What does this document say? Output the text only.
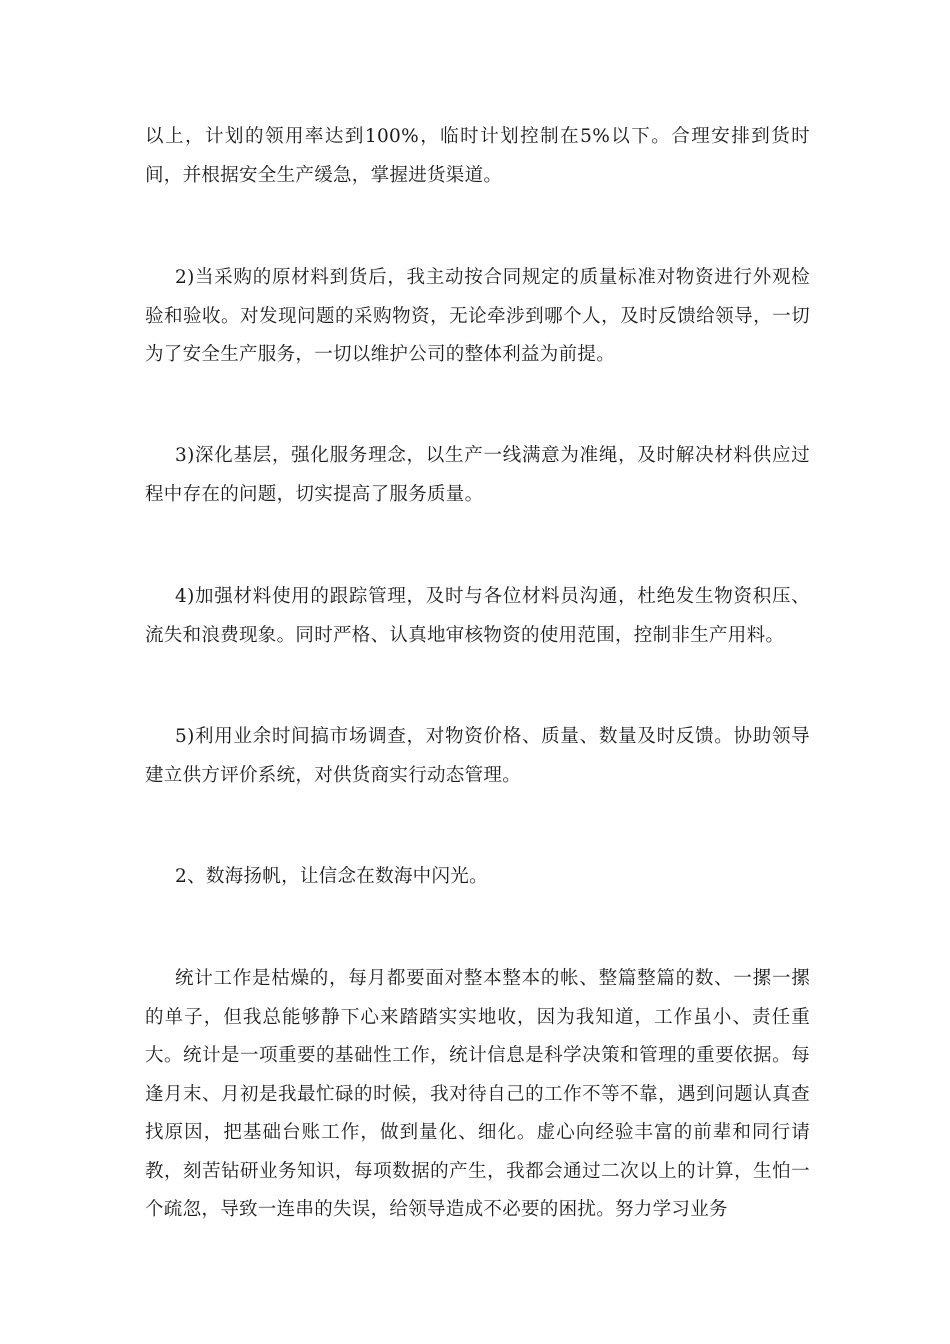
以上，计划的领用率达到100%，临时计划控制在5%以下。合理安排到货时间，并根据安全生产缓急，掌握进货渠道。

2)当采购的原材料到货后，我主动按合同规定的质量标准对物资进行外观检验和验收。对发现问题的采购物资，无论牵涉到哪个人，及时反馈给领导，一切为了安全生产服务，一切以维护公司的整体利益为前提。

3)深化基层，强化服务理念，以生产一线满意为准绳，及时解决材料供应过程中存在的问题，切实提高了服务质量。

4)加强材料使用的跟踪管理，及时与各位材料员沟通，杜绝发生物资积压、流失和浪费现象。同时严格、认真地审核物资的使用范围，控制非生产用料。

5)利用业余时间搞市场调查，对物资价格、质量、数量及时反馈。协助领导建立供方评价系统，对供货商实行动态管理。

2、数海扬帆，让信念在数海中闪光。

统计工作是枯燥的，每月都要面对整本整本的帐、整篇整篇的数、一摞一摞的单子，但我总能够静下心来踏踏实实地收，因为我知道，工作虽小、责任重大。统计是一项重要的基础性工作，统计信息是科学决策和管理的重要依据。每逢月末、月初是我最忙碌的时候，我对待自己的工作不等不靠，遇到问题认真查找原因，把基础台账工作，做到量化、细化。虚心向经验丰富的前辈和同行请教，刻苦钻研业务知识，每项数据的产生，我都会通过二次以上的计算，生怕一个疏忽，导致一连串的失误，给领导造成不必要的困扰。努力学习业务
